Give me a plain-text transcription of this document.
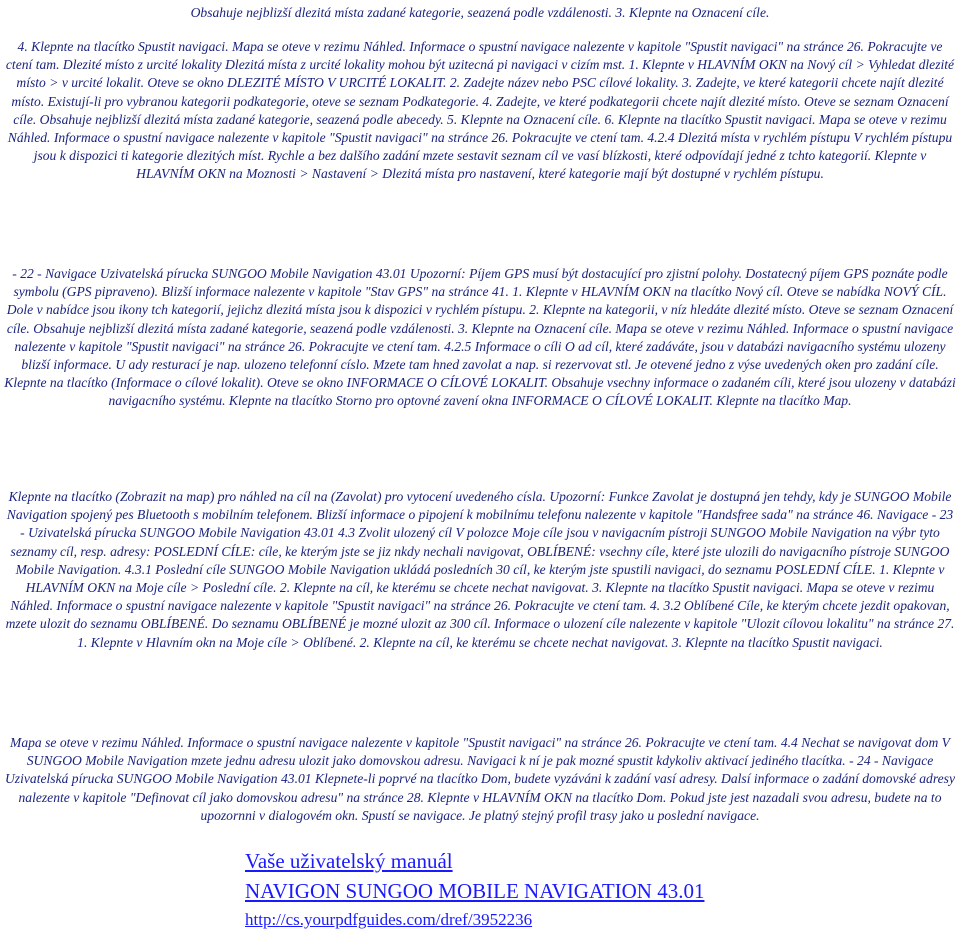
Obsahuje nejblizší dlezitá místa zadané kategorie, seazená podle vzdálenosti. 3. Klepnte na Oznacení cíle.

4. Klepnte na tlacítko Spustit navigaci. Mapa se oteve v rezimu Náhled. Informace o spustní navigace nalezente v kapitole "Spustit navigaci" na stránce 26. Pokracujte ve ctení tam. Dlezité místo z urcité lokality Dlezitá místa z urcité lokality mohou být uzitecná pi navigaci v cizím mst. 1. Klepnte v HLAVNÍM OKN na Nový cíl > Vyhledat dlezité místo > v urcité lokalit. Oteve se okno DLEZITÉ MÍSTO V URCITÉ LOKALIT. 2. Zadejte název nebo PSC cílové lokality. 3. Zadejte, ve které kategorii chcete najít dlezité místo. Existují-li pro vybranou kategorii podkategorie, oteve se seznam Podkategorie. 4. Zadejte, ve které podkategorii chcete najít dlezité místo. Oteve se seznam Oznacení cíle. Obsahuje nejblizší dlezitá místa zadané kategorie, seazená podle abecedy. 5. Klepnte na Oznacení cíle. 6. Klepnte na tlacítko Spustit navigaci. Mapa se oteve v rezimu Náhled. Informace o spustní navigace nalezente v kapitole "Spustit navigaci" na stránce 26. Pokracujte ve ctení tam. 4.2.4 Dlezitá místa v rychlém pístupu V rychlém pístupu jsou k dispozici ti kategorie dlezitých míst. Rychle a bez dalšího zadání mzete sestavit seznam cíl ve vasí blízkosti, které odpovídají jedné z tchto kategorií. Klepnte v HLAVNÍM OKN na Moznosti > Nastavení > Dlezitá místa pro nastavení, které kategorie mají být dostupné v rychlém pístupu.

- 22 - Navigace Uzivatelská pírucka SUNGOO Mobile Navigation 43.01 Upozorní: Píjem GPS musí být dostacující pro zjistní polohy. Dostatecný píjem GPS poznáte podle symbolu (GPS pipraveno). Blizší informace nalezente v kapitole "Stav GPS" na stránce 41. 1. Klepnte v HLAVNÍM OKN na tlacítko Nový cíl. Oteve se nabídka NOVÝ CÍL. Dole v nabídce jsou ikony tch kategorií, jejichz dlezitá místa jsou k dispozici v rychlém pístupu. 2. Klepnte na kategorii, v níz hledáte dlezité místo. Oteve se seznam Oznacení cíle. Obsahuje nejblizší dlezitá místa zadané kategorie, seazená podle vzdálenosti. 3. Klepnte na Oznacení cíle. Mapa se oteve v rezimu Náhled. Informace o spustní navigace nalezente v kapitole "Spustit navigaci" na stránce 26. Pokracujte ve ctení tam. 4.2.5 Informace o cíli O ad cíl, které zadáváte, jsou v databázi navigacního systému ulozeny blizší informace. U ady resturací je nap. ulozeno telefonní císlo. Mzete tam hned zavolat a nap. si rezervovat stl. Je otevené jedno z výse uvedených oken pro zadání cíle. Klepnte na tlacítko (Informace o cílové lokalit). Oteve se okno INFORMACE O CÍLOVÉ LOKALIT. Obsahuje vsechny informace o zadaném cíli, které jsou ulozeny v databázi navigacního systému. Klepnte na tlacítko Storno pro optovné zavení okna INFORMACE O CÍLOVÉ LOKALIT. Klepnte na tlacítko Map.

Klepnte na tlacítko (Zobrazit na map) pro náhled na cíl na (Zavolat) pro vytocení uvedeného císla. Upozorní: Funkce Zavolat je dostupná jen tehdy, kdy je SUNGOO Mobile Navigation spojený pes Bluetooth s mobilním telefonem. Blizší informace o pipojení k mobilnímu telefonu nalezente v kapitole "Handsfree sada" na stránce 46. Navigace - 23 - Uzivatelská pírucka SUNGOO Mobile Navigation 43.01 4.3 Zvolit ulozený cíl V polozce Moje cíle jsou v navigacním pístroji SUNGOO Mobile Navigation na výbr tyto seznamy cíl, resp. adresy: POSLEDNÍ CÍLE: cíle, ke kterým jste se jiz nkdy nechali navigovat, OBLÍBENÉ: vsechny cíle, které jste ulozili do navigacního pístroje SUNGOO Mobile Navigation. 4.3.1 Poslední cíle SUNGOO Mobile Navigation ukládá posledních 30 cíl, ke kterým jste spustili navigaci, do seznamu POSLEDNÍ CÍLE. 1. Klepnte v HLAVNÍM OKN na Moje cíle > Poslední cíle. 2. Klepnte na cíl, ke kterému se chcete nechat navigovat. 3. Klepnte na tlacítko Spustit navigaci. Mapa se oteve v rezimu Náhled. Informace o spustní navigace nalezente v kapitole "Spustit navigaci" na stránce 26. Pokracujte ve ctení tam. 4. 3.2 Oblíbené Cíle, ke kterým chcete jezdit opakovan, mzete ulozit do seznamu OBLÍBENÉ. Do seznamu OBLÍBENÉ je mozné ulozit az 300 cíl. Informace o ulození cíle nalezente v kapitole "Ulozit cílovou lokalitu" na stránce 27. 1. Klepnte v Hlavním okn na Moje cíle > Oblíbené. 2. Klepnte na cíl, ke kterému se chcete nechat navigovat. 3. Klepnte na tlacítko Spustit navigaci.

Mapa se oteve v rezimu Náhled. Informace o spustní navigace nalezente v kapitole "Spustit navigaci" na stránce 26. Pokracujte ve ctení tam. 4.4 Nechat se navigovat dom V SUNGOO Mobile Navigation mzete jednu adresu ulozit jako domovskou adresu. Navigaci k ní je pak mozné spustit kdykoliv aktivací jediného tlacítka. - 24 - Navigace Uzivatelská pírucka SUNGOO Mobile Navigation 43.01 Klepnete-li poprvé na tlacítko Dom, budete vyzáváni k zadání vasí adresy. Dalsí informace o zadání domovské adresy nalezente v kapitole "Definovat cíl jako domovskou adresu" na stránce 28. Klepnte v HLAVNÍM OKN na tlacítko Dom. Pokud jste jest nazadali svou adresu, budete na to upozornni v dialogovém okn. Spustí se navigace. Je platný stejný profil trasy jako u poslední navigace.

Vaše uživatelský manuál
NAVIGON SUNGOO MOBILE NAVIGATION 43.01
http://cs.yourpdfguides.com/dref/3952236
